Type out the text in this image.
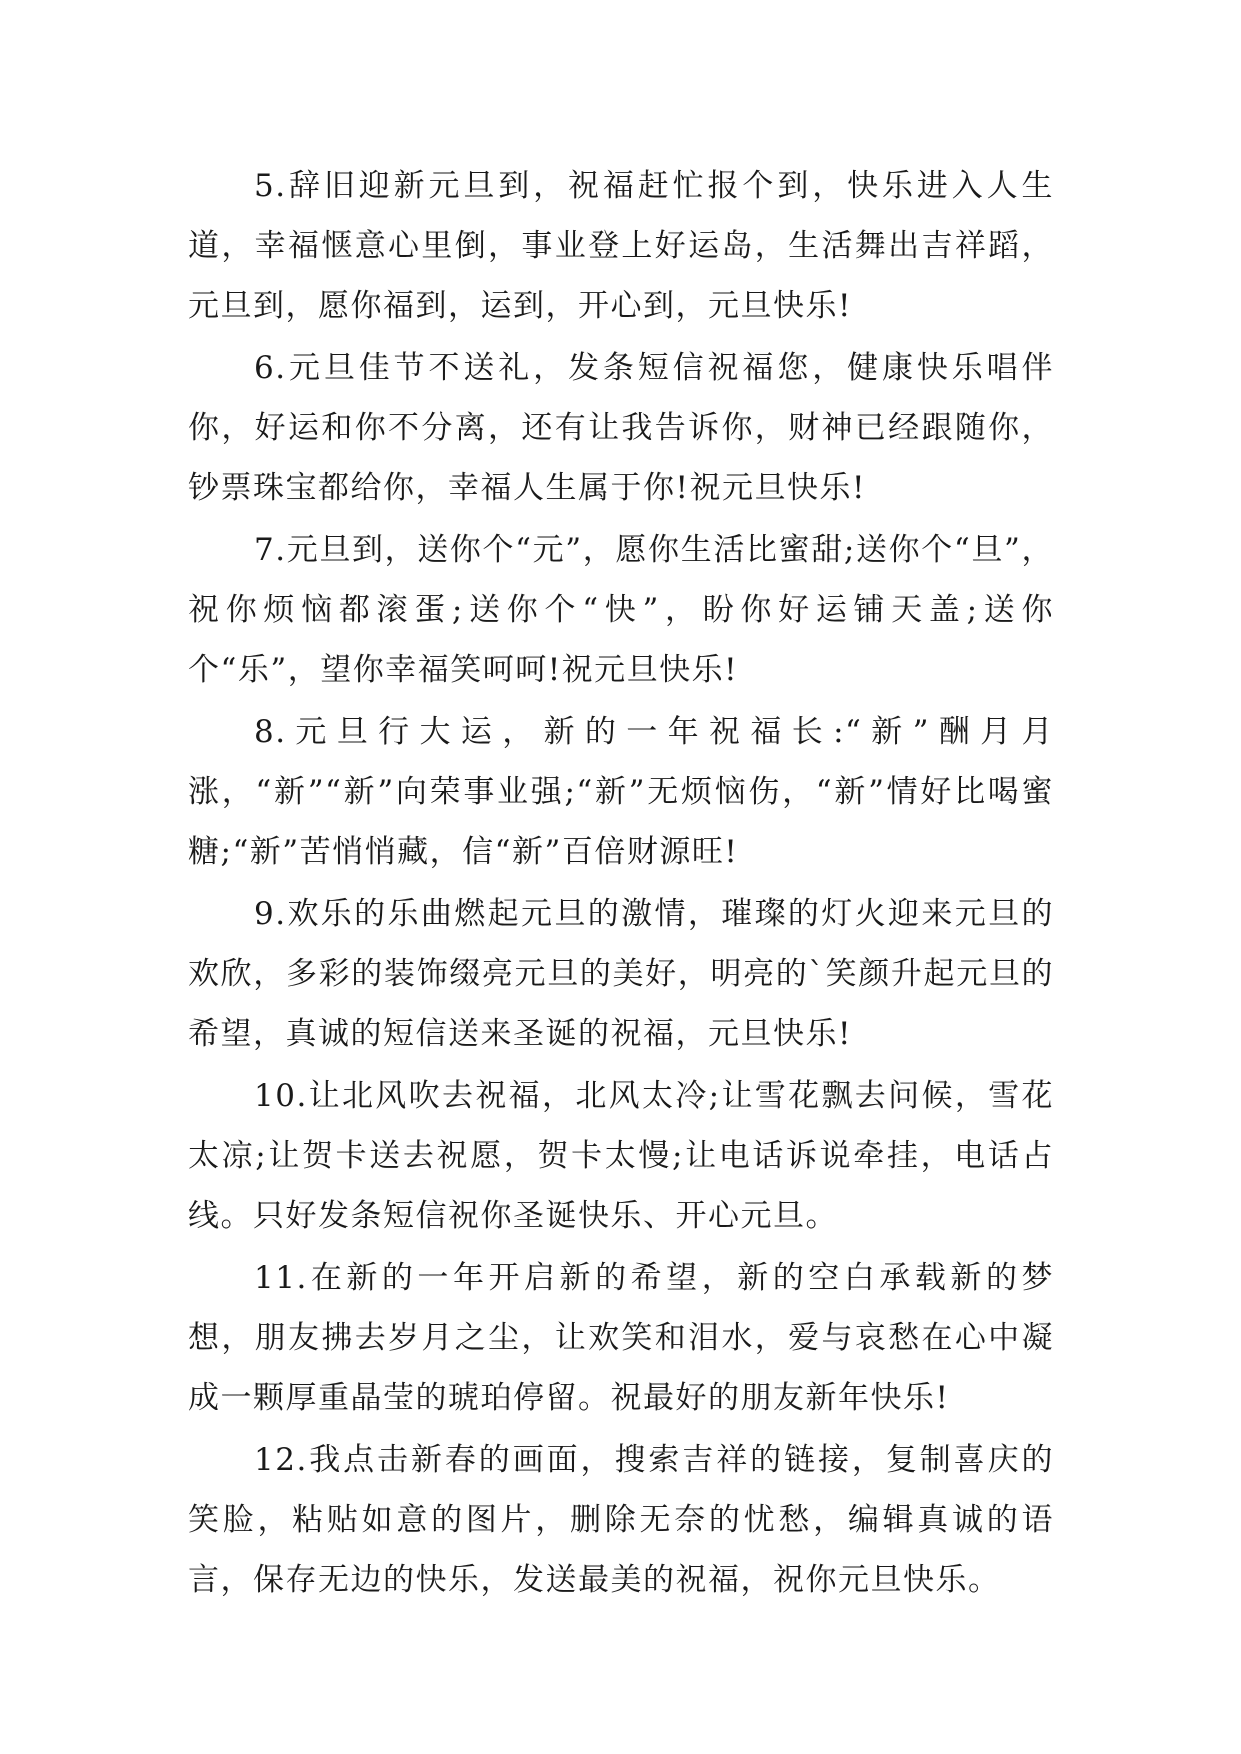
5.辞旧迎新元旦到，祝福赶忙报个到，快乐进入人生道，幸福惬意心里倒，事业登上好运岛，生活舞出吉祥蹈，元旦到，愿你福到，运到，开心到，元旦快乐!

6.元旦佳节不送礼，发条短信祝福您，健康快乐唱伴你，好运和你不分离，还有让我告诉你，财神已经跟随你，钞票珠宝都给你，幸福人生属于你!祝元旦快乐!

7.元旦到，送你个“元”，愿你生活比蜜甜;送你个“旦”，祝你烦恼都滚蛋;送你个“快”，盼你好运铺天盖;送你个“乐”，望你幸福笑呵呵!祝元旦快乐!

8.元旦行大运，新的一年祝福长:“新”酬月月涨，“新”“新”向荣事业强;“新”无烦恼伤，“新”情好比喝蜜糖;“新”苦悄悄藏，信“新”百倍财源旺!

9.欢乐的乐曲燃起元旦的激情，璀璨的灯火迎来元旦的欢欣，多彩的装饰缀亮元旦的美好，明亮的`笑颜升起元旦的希望，真诚的短信送来圣诞的祝福，元旦快乐!

10.让北风吹去祝福，北风太冷;让雪花飘去问候，雪花太凉;让贺卡送去祝愿，贺卡太慢;让电话诉说牵挂，电话占线。只好发条短信祝你圣诞快乐、开心元旦。

11.在新的一年开启新的希望，新的空白承载新的梦想，朋友拂去岁月之尘，让欢笑和泪水，爱与哀愁在心中凝成一颗厚重晶莹的琥珀停留。祝最好的朋友新年快乐!

12.我点击新春的画面，搜索吉祥的链接，复制喜庆的笑脸，粘贴如意的图片，删除无奈的忧愁，编辑真诚的语言，保存无边的快乐，发送最美的祝福，祝你元旦快乐。
